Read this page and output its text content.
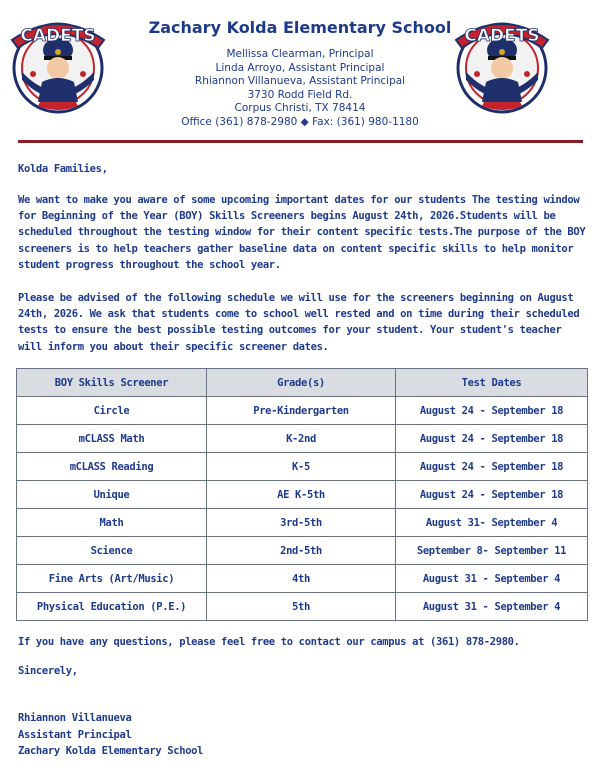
CADETS	Zachary Kolda Elementary School
Mellissa Clearman, Principal
Linda Arroyo, Assistant Principal
Rhiannon Villanueva, Assistant Principal
3730 Rodd Field Rd.
Corpus Christi, TX 78414
Office (361) 878-2980 ◆ Fax: (361) 980-1180
CADETS
Kolda Families,
We want to make you aware of some upcoming important dates for our students The testing window for Beginning of the Year (BOY) Skills Screeners begins August 24th, 2026.Students will be scheduled throughout the testing window for their content specific tests.The purpose of the BOY screeners is to help teachers gather baseline data on content specific skills to help monitor student progress throughout the school year.
Please be advised of the following schedule we will use for the screeners beginning on August 24th, 2026. We ask that students come to school well rested and on time during their scheduled tests to ensure the best possible testing outcomes for your student. Your student's teacher will inform you about their specific screener dates.
BOY Skills Screener	Grade(s)	Test Dates
Circle	Pre-Kindergarten	August 24 - September 18
mCLASS Math	K-2nd	August 24 - September 18
mCLASS Reading	K-5	August 24 - September 18
Unique	AE K-5th	August 24 - September 18
Math	3rd-5th	August 31- September 4
Science	2nd-5th	September 8- September 11
Fine Arts (Art/Music)	4th	August 31 - September 4
Physical Education (P.E.)	5th	August 31 - September 4
If you have any questions, please feel free to contact our campus at (361) 878-2980.
Sincerely,
Rhiannon Villanueva
Assistant Principal
Zachary Kolda Elementary School
